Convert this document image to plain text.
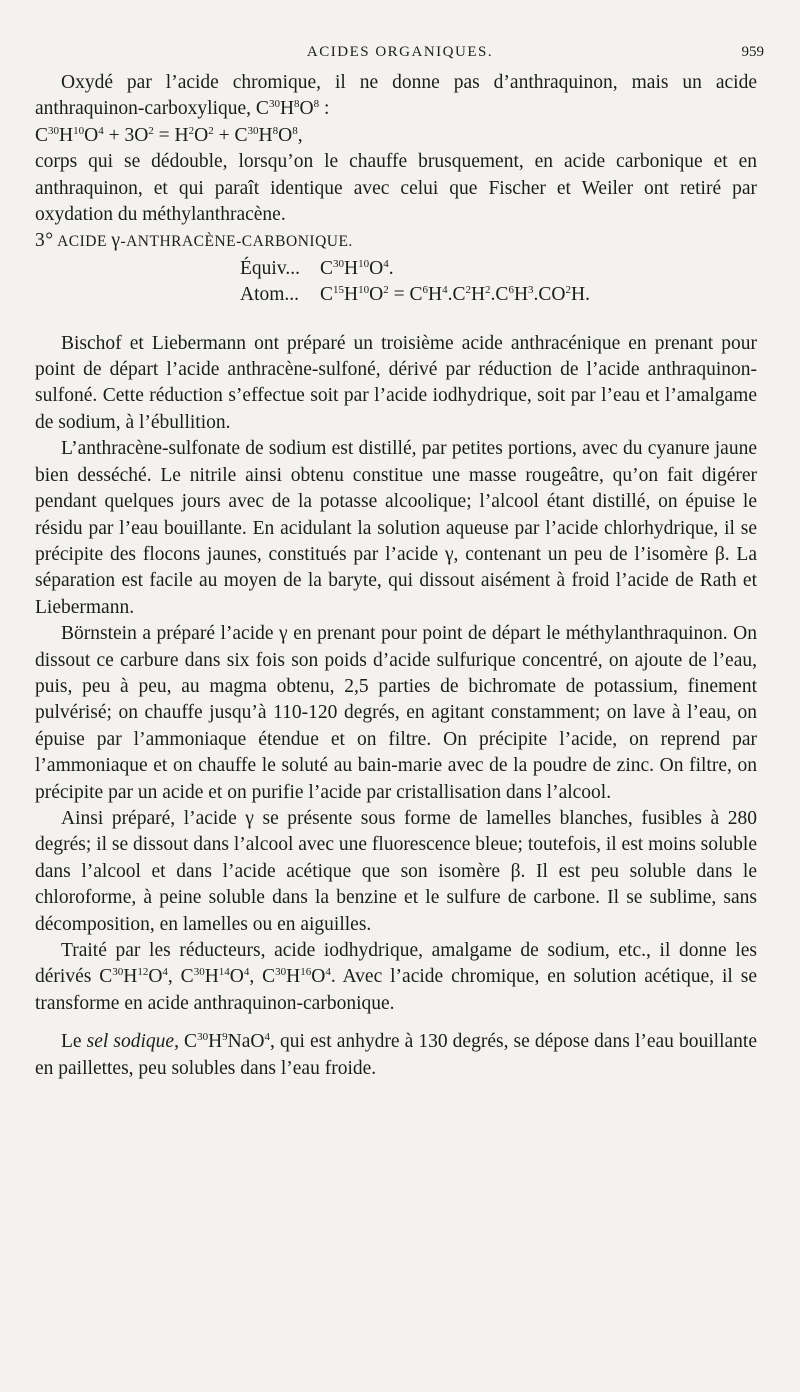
ACIDES ORGANIQUES.	959

Oxydé par l’acide chromique, il ne donne pas d’anthraquinon, mais un acide anthraquinon-carboxylique, $C^{30}H^8O^8$ :

$C^{30}H^{10}O^4 + 3O^2 = H^2O^2 + C^{30}H^8O^8$,

corps qui se dédouble, lorsqu’on le chauffe brusquement, en acide carbonique et en anthraquinon, et qui paraît identique avec celui que Fischer et Weiler ont retiré par oxydation du méthylanthracène.

3° ACIDE γ-ANTHRACÈNE-CARBONIQUE.

Équiv... $C^{30}H^{10}O^4$.
Atom... $C^{15}H^{10}O^2 = C^6H^4.C^2H^2.C^6H^3.CO^2H$.

Bischof et Liebermann ont préparé un troisième acide anthracénique en prenant pour point de départ l’acide anthracène-sulfoné, dérivé par réduction de l’acide anthraquinon-sulfoné. Cette réduction s’effectue soit par l’acide iodhydrique, soit par l’eau et l’amalgame de sodium, à l’ébullition.

L’anthracène-sulfonate de sodium est distillé, par petites portions, avec du cyanure jaune bien desséché. Le nitrile ainsi obtenu constitue une masse rougeâtre, qu’on fait digérer pendant quelques jours avec de la potasse alcoolique; l’alcool étant distillé, on épuise le résidu par l’eau bouillante. En acidulant la solution aqueuse par l’acide chlorhydrique, il se précipite des flocons jaunes, constitués par l’acide γ, contenant un peu de l’isomère β. La séparation est facile au moyen de la baryte, qui dissout aisément à froid l’acide de Rath et Liebermann.

Börnstein a préparé l’acide γ en prenant pour point de départ le méthylanthraquinon. On dissout ce carbure dans six fois son poids d’acide sulfurique concentré, on ajoute de l’eau, puis, peu à peu, au magma obtenu, 2,5 parties de bichromate de potassium, finement pulvérisé; on chauffe jusqu’à 110-120 degrés, en agitant constamment; on lave à l’eau, on épuise par l’ammoniaque étendue et on filtre. On précipite l’acide, on reprend par l’ammoniaque et on chauffe le soluté au bain-marie avec de la poudre de zinc. On filtre, on précipite par un acide et on purifie l’acide par cristallisation dans l’alcool.

Ainsi préparé, l’acide γ se présente sous forme de lamelles blanches, fusibles à 280 degrés; il se dissout dans l’alcool avec une fluorescence bleue; toutefois, il est moins soluble dans l’alcool et dans l’acide acétique que son isomère β. Il est peu soluble dans le chloroforme, à peine soluble dans la benzine et le sulfure de carbone. Il se sublime, sans décomposition, en lamelles ou en aiguilles.

Traité par les réducteurs, acide iodhydrique, amalgame de sodium, etc., il donne les dérivés $C^{30}H^{12}O^4$, $C^{30}H^{14}O^4$, $C^{30}H^{16}O^4$. Avec l’acide chromique, en solution acétique, il se transforme en acide anthraquinon-carbonique.

Le sel sodique, $C^{30}H^9NaO^4$, qui est anhydre à 130 degrés, se dépose dans l’eau bouillante en paillettes, peu solubles dans l’eau froide.
